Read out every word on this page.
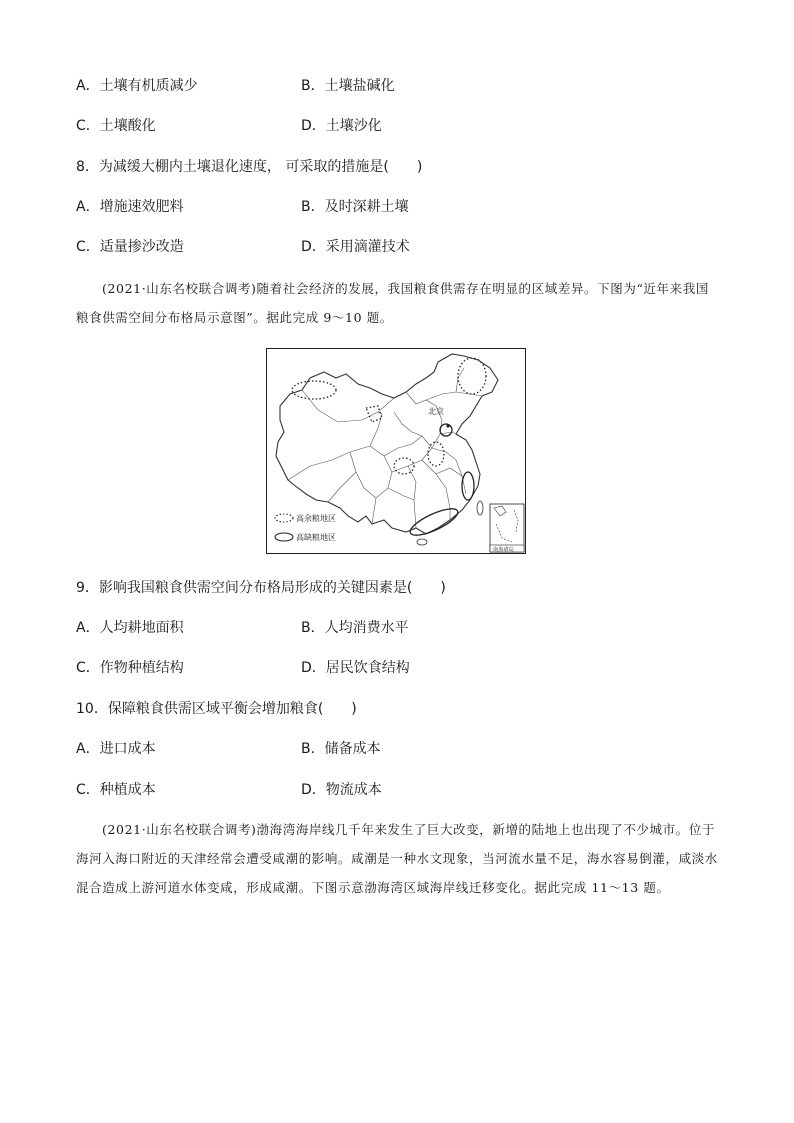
A．土壤有机质减少	B．土壤盐碱化
C．土壤酸化	D．土壤沙化
8．为减缓大棚内土壤退化速度， 可采取的措施是(　　)
A．增施速效肥料	B．及时深耕土壤
C．适量掺沙改造	D．采用滴灌技术
(2021·山东名校联合调考)随着社会经济的发展，我国粮食供需存在明显的区域差异。下图为“近年来我国粮食供需空间分布格局示意图”。据此完成 9～10 题。
北京
高余粮地区
高缺粮地区
南海诸岛
9．影响我国粮食供需空间分布格局形成的关键因素是(　　)
A．人均耕地面积	B．人均消费水平
C．作物种植结构	D．居民饮食结构
10．保障粮食供需区域平衡会增加粮食(　　)
A．进口成本	B．储备成本
C．种植成本	D．物流成本
(2021·山东名校联合调考)渤海湾海岸线几千年来发生了巨大改变，新增的陆地上也出现了不少城市。位于海河入海口附近的天津经常会遭受咸潮的影响。咸潮是一种水文现象，当河流水量不足，海水容易倒灌，咸淡水混合造成上游河道水体变咸，形成咸潮。下图示意渤海湾区域海岸线迁移变化。据此完成 11～13 题。
